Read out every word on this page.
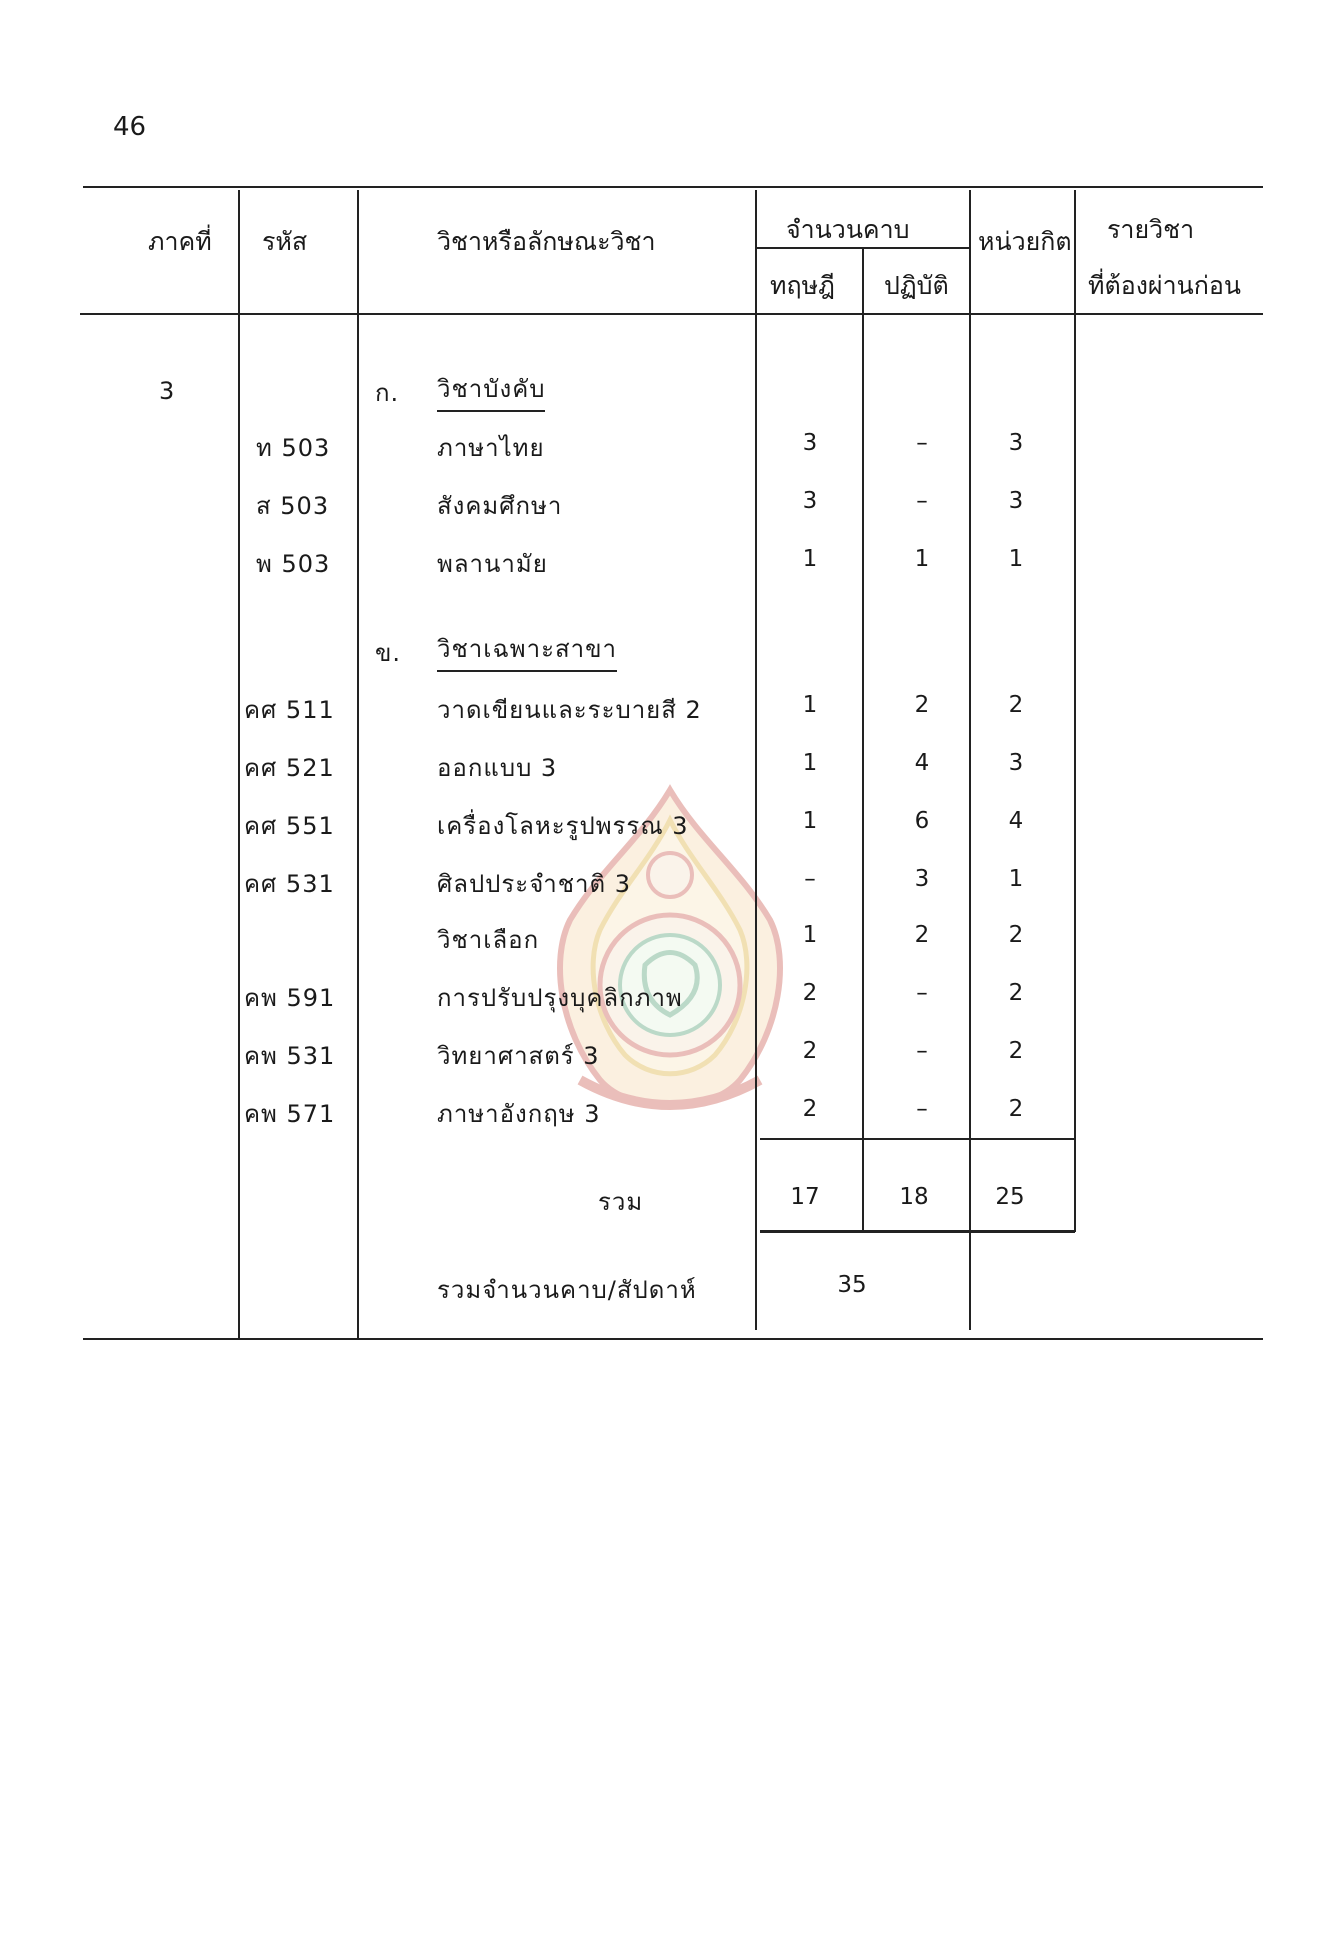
46
ภาคที่ รหัส	วิชาหรือลักษณะวิชา	จำนวนคาบ
ทฤษฎี ปฏิบัติ
หน่วยกิต รายวิชา
ที่ต้องผ่านก่อน
3	ก. วิชาบังคับ
ข. วิชาเฉพาะสาขา
ท 503	ภาษาไทย	3	–	3
ส 503	สังคมศึกษา	3	–	3
พ 503	พลานามัย	1	1	1
คศ 511	วาดเขียนและระบายสี 2	1	2	2
คศ 521	ออกแบบ 3	1	4	3
คศ 551	เครื่องโลหะรูปพรรณ 3	1	6	4
คศ 531	ศิลปประจำชาติ 3	–	3	1
วิชาเลือก	1	2	2
คพ 591	การปรับปรุงบุคลิกภาพ	2	–	2
คพ 531	วิทยาศาสตร์ 3	2	–	2
คพ 571	ภาษาอังกฤษ 3	2	–	2
รวม	17	18	25
รวมจำนวนคาบ/สัปดาห์	35
